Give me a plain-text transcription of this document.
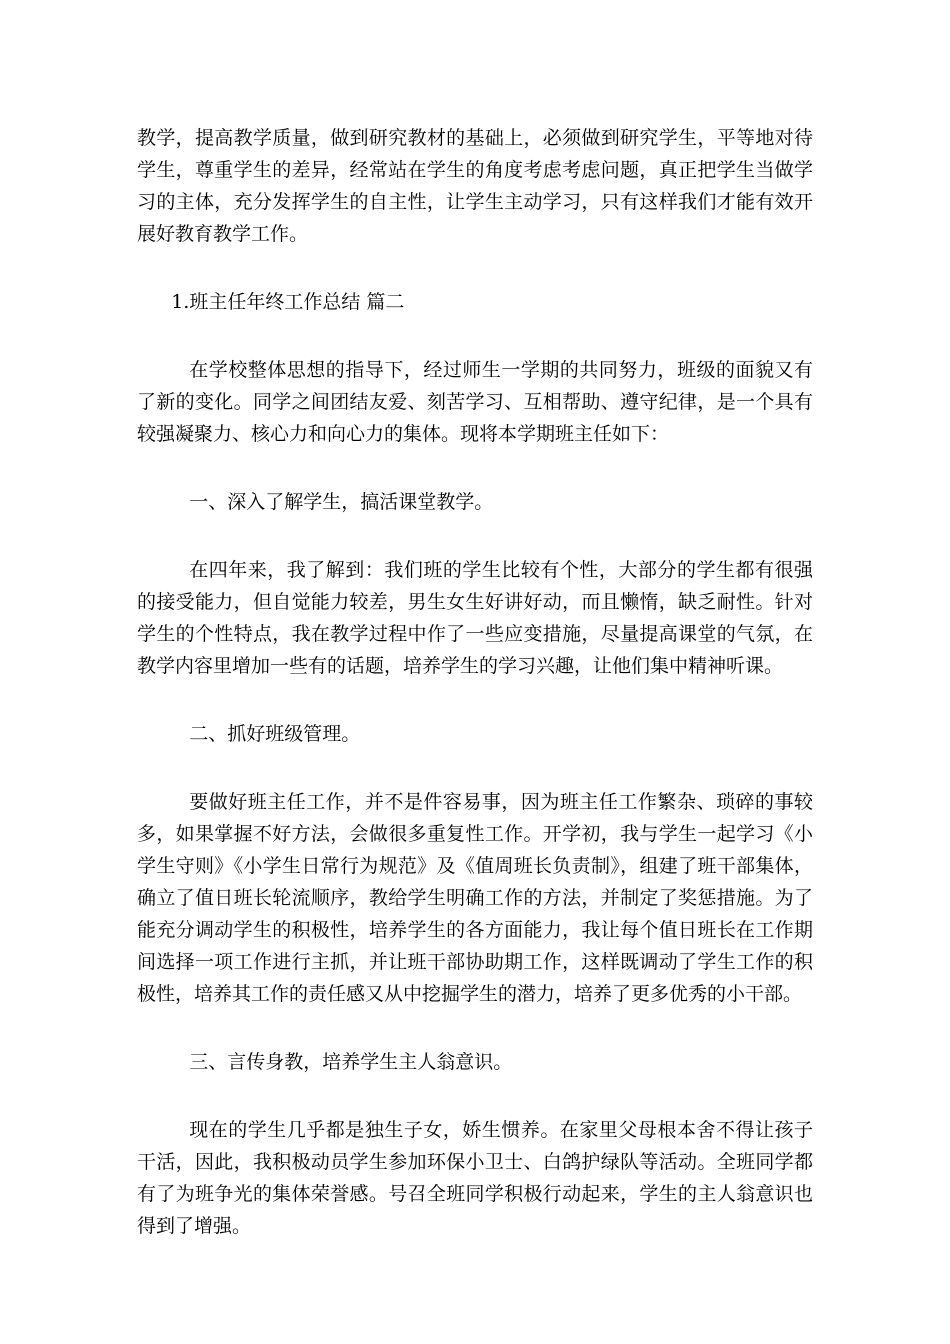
教学，提高教学质量，做到研究教材的基础上，必须做到研究学生，平等地对待学生，尊重学生的差异，经常站在学生的角度考虑考虑问题，真正把学生当做学习的主体，充分发挥学生的自主性，让学生主动学习，只有这样我们才能有效开展好教育教学工作。

1.班主任年终工作总结 篇二

在学校整体思想的指导下，经过师生一学期的共同努力，班级的面貌又有了新的变化。同学之间团结友爱、刻苦学习、互相帮助、遵守纪律，是一个具有较强凝聚力、核心力和向心力的集体。现将本学期班主任如下：

一、深入了解学生，搞活课堂教学。

在四年来，我了解到：我们班的学生比较有个性，大部分的学生都有很强的接受能力，但自觉能力较差，男生女生好讲好动，而且懒惰，缺乏耐性。针对学生的个性特点，我在教学过程中作了一些应变措施，尽量提高课堂的气氛，在教学内容里增加一些有的话题，培养学生的学习兴趣，让他们集中精神听课。

二、抓好班级管理。

要做好班主任工作，并不是件容易事，因为班主任工作繁杂、琐碎的事较多，如果掌握不好方法，会做很多重复性工作。开学初，我与学生一起学习《小学生守则》《小学生日常行为规范》及《值周班长负责制》，组建了班干部集体，确立了值日班长轮流顺序，教给学生明确工作的方法，并制定了奖惩措施。为了能充分调动学生的积极性，培养学生的各方面能力，我让每个值日班长在工作期间选择一项工作进行主抓，并让班干部协助期工作，这样既调动了学生工作的积极性，培养其工作的责任感又从中挖掘学生的潜力，培养了更多优秀的小干部。

三、言传身教，培养学生主人翁意识。

现在的学生几乎都是独生子女，娇生惯养。在家里父母根本舍不得让孩子干活，因此，我积极动员学生参加环保小卫士、白鸽护绿队等活动。全班同学都有了为班争光的集体荣誉感。号召全班同学积极行动起来，学生的主人翁意识也得到了增强。
